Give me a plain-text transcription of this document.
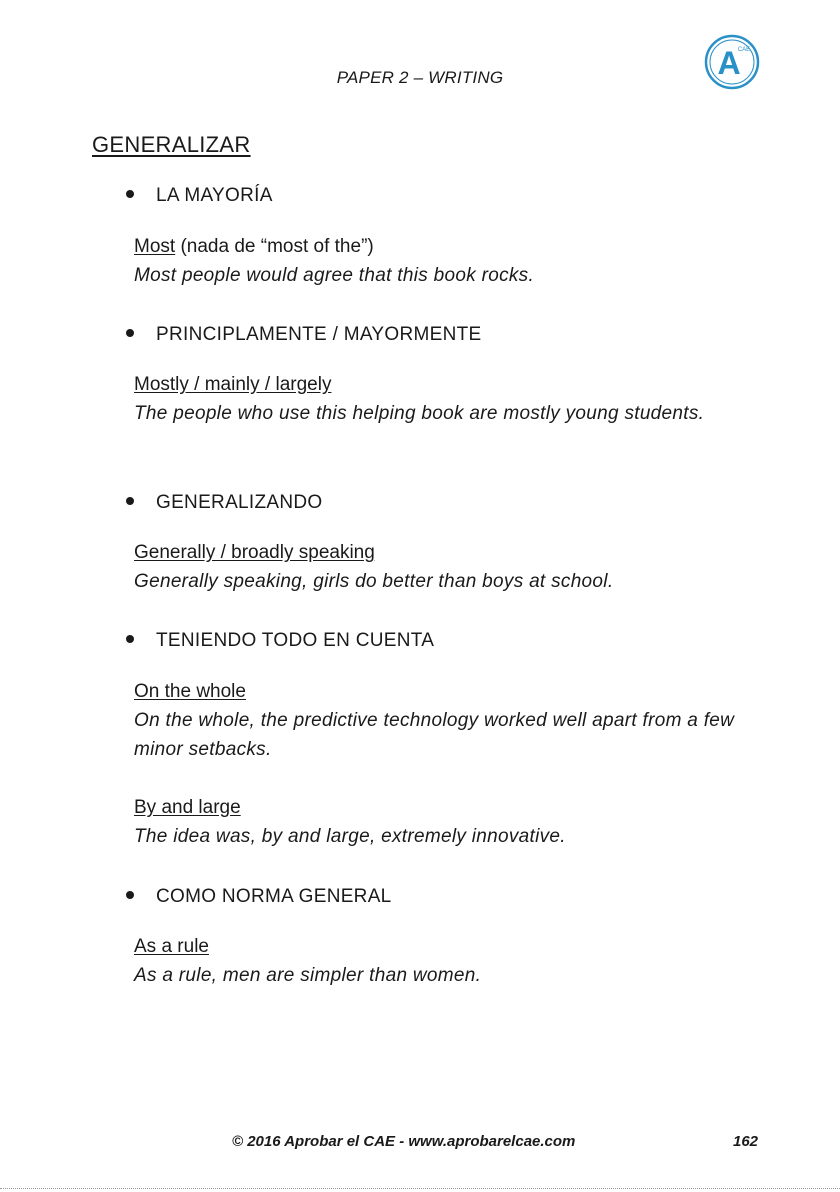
PAPER 2 – WRITING	A
CAE
GENERALIZAR
LA MAYORÍA
Most (nada de “most of the”)
Most people would agree that this book rocks.
PRINCIPLAMENTE / MAYORMENTE
Mostly / mainly / largely
The people who use this helping book are mostly young students.
GENERALIZANDO
Generally / broadly speaking
Generally speaking, girls do better than boys at school.
TENIENDO TODO EN CUENTA
On the whole
On the whole, the predictive technology worked well apart from a few minor setbacks.
By and large
The idea was, by and large, extremely innovative.
COMO NORMA GENERAL
As a rule
As a rule, men are simpler than women.
© 2016 Aprobar el CAE - www.aprobarelcae.com	162
